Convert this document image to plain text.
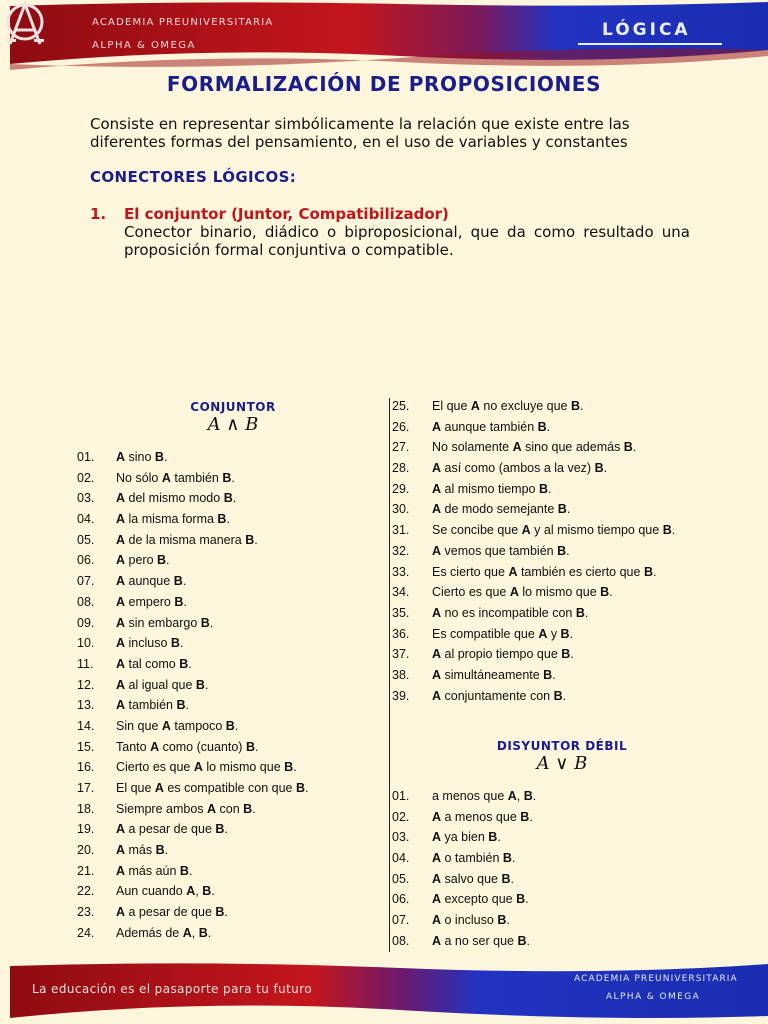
ACADEMIA PREUNIVERSITARIA
ALPHA & OMEGA
LÓGICA
FORMALIZACIÓN DE PROPOSICIONES
Consiste en representar simbólicamente la relación que existe entre las diferentes formas del pensamiento, en el uso de variables y constantes
CONECTORES LÓGICOS:
1. El conjuntor (Juntor, Compatibilizador)
Conector binario, diádico o biproposicional, que da como resultado una proposición formal conjuntiva o compatible.
CONJUNTOR
A ∧ B
01. A sino B.
02. No sólo A también B.
03. A del mismo modo B.
04. A la misma forma B.
05. A de la misma manera B.
06. A pero B.
07. A aunque B.
08. A empero B.
09. A sin embargo B.
10. A incluso B.
11. A tal como B.
12. A al igual que B.
13. A también B.
14. Sin que A tampoco B.
15. Tanto A como (cuanto) B.
16. Cierto es que A lo mismo que B.
17. El que A es compatible con que B.
18. Siempre ambos A con B.
19. A a pesar de que B.
20. A más B.
21. A más aún B.
22. Aun cuando A, B.
23. A a pesar de que B.
24. Además de A, B.
25. El que A no excluye que B.
26. A aunque también B.
27. No solamente A sino que además B.
28. A así como (ambos a la vez) B.
29. A al mismo tiempo B.
30. A de modo semejante B.
31. Se concibe que A y al mismo tiempo que B.
32. A vemos que también B.
33. Es cierto que A también es cierto que B.
34. Cierto es que A lo mismo que B.
35. A no es incompatible con B.
36. Es compatible que A y B.
37. A al propio tiempo que B.
38. A simultáneamente B.
39. A conjuntamente con B.
DISYUNTOR DÉBIL
A ∨ B
01. a menos que A, B.
02. A a menos que B.
03. A ya bien B.
04. A o también B.
05. A salvo que B.
06. A excepto que B.
07. A o incluso B.
08. A a no ser que B.
La educación es el pasaporte para tu futuro
ACADEMIA PREUNIVERSITARIA
ALPHA & OMEGA
